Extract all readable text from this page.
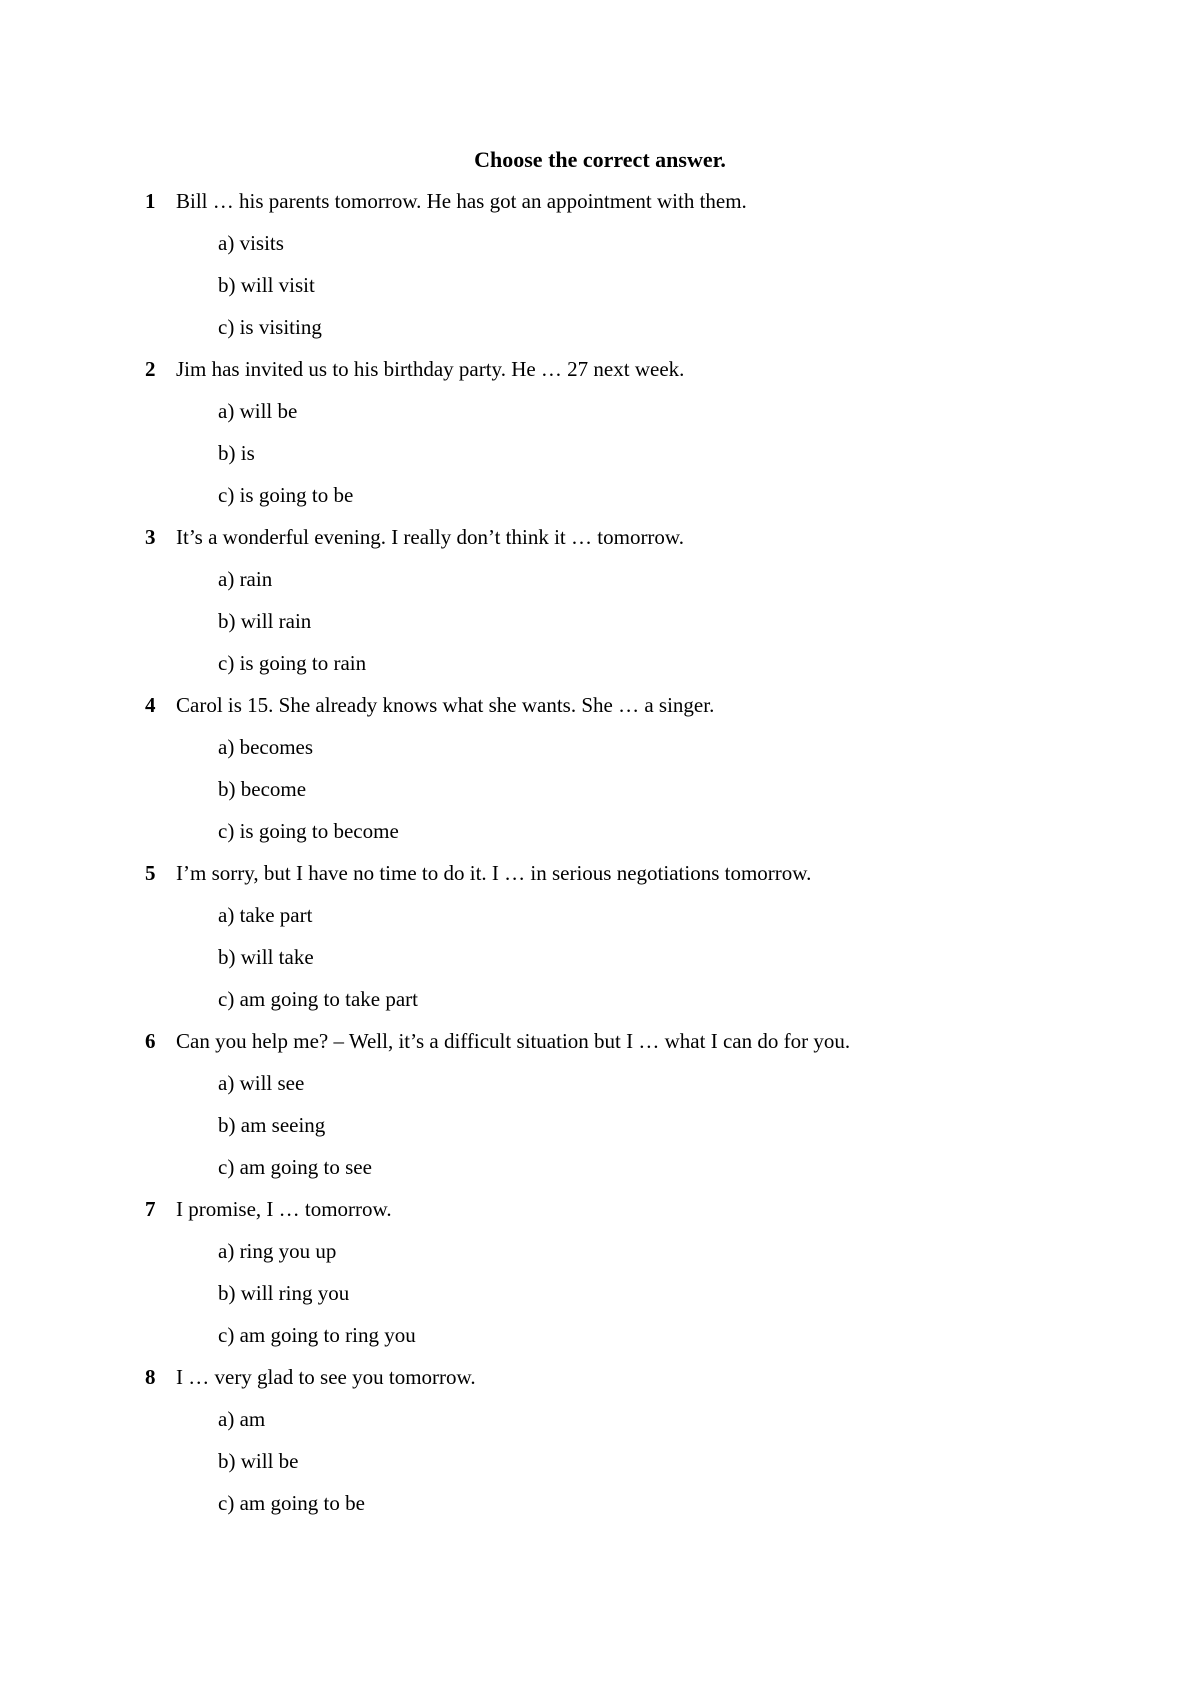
Choose the correct answer.
1 Bill … his parents tomorrow. He has got an appointment with them.
a) visits
b) will visit
c) is visiting
2 Jim has invited us to his birthday party. He … 27 next week.
a) will be
b) is
c) is going to be
3 It’s a wonderful evening. I really don’t think it … tomorrow.
a) rain
b) will rain
c) is going to rain
4 Carol is 15. She already knows what she wants. She … a singer.
a) becomes
b) become
c) is going to become
5 I’m sorry, but I have no time to do it. I … in serious negotiations tomorrow.
a) take part
b) will take
c) am going to take part
6 Can you help me? – Well, it’s a difficult situation but I … what I can do for you.
a) will see
b) am seeing
c) am going to see
7 I promise, I … tomorrow.
a) ring you up
b) will ring you
c) am going to ring you
8 I … very glad to see you tomorrow.
a) am
b) will be
c) am going to be
